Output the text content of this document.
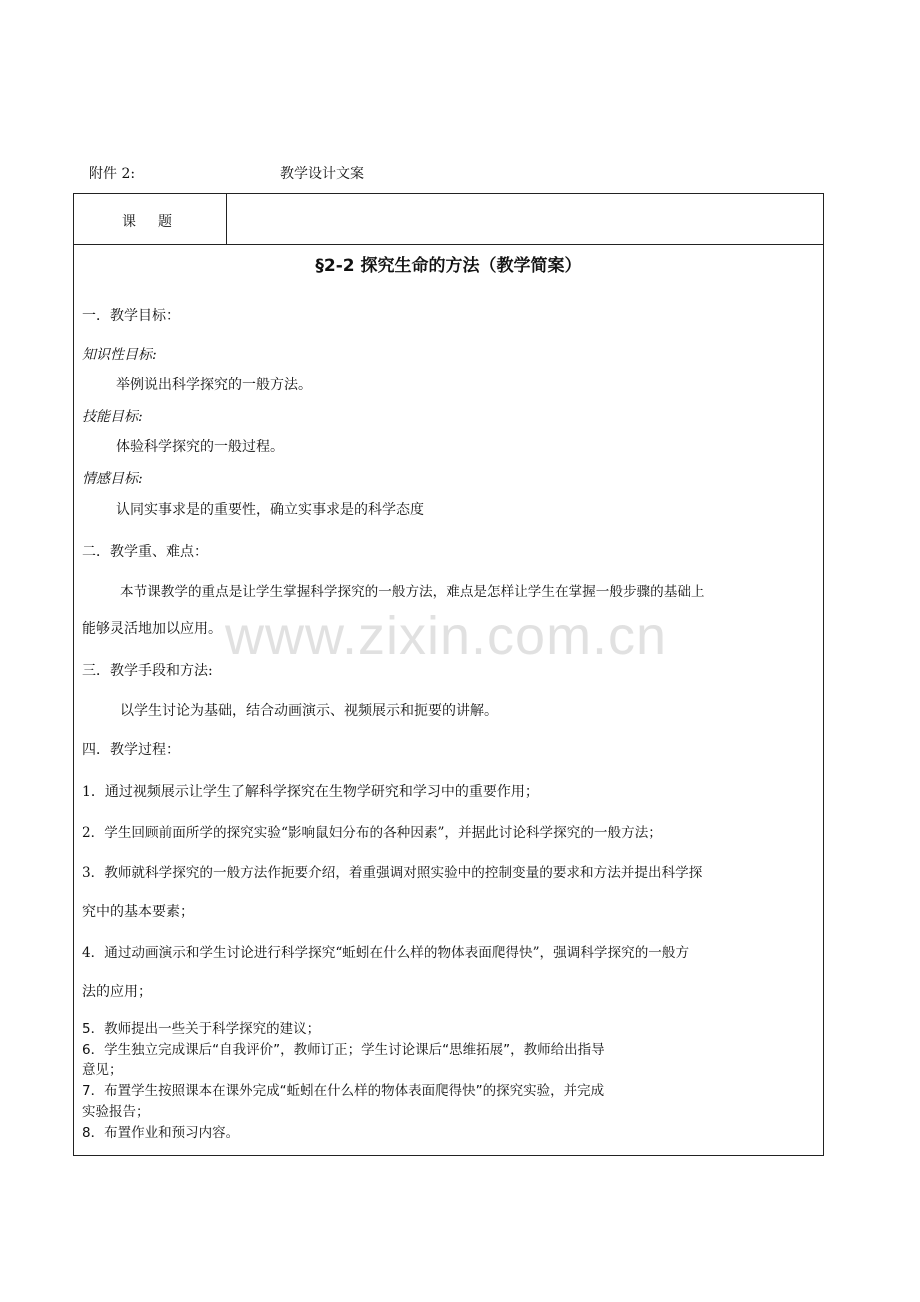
附件 2:	教学设计文案
课题
§2-2 探究生命的方法（教学简案）
一．教学目标：
知识性目标:
举例说出科学探究的一般方法。
技能目标:
体验科学探究的一般过程。
情感目标:
认同实事求是的重要性，确立实事求是的科学态度
二．教学重、难点：
本节课教学的重点是让学生掌握科学探究的一般方法，难点是怎样让学生在掌握一般步骤的基础上
能够灵活地加以应用。
三．教学手段和方法:
以学生讨论为基础，结合动画演示、视频展示和扼要的讲解。
四．教学过程：
1．通过视频展示让学生了解科学探究在生物学研究和学习中的重要作用；
2．学生回顾前面所学的探究实验“影响鼠妇分布的各种因素”，并据此讨论科学探究的一般方法；
3．教师就科学探究的一般方法作扼要介绍，着重强调对照实验中的控制变量的要求和方法并提出科学探
究中的基本要素；
4．通过动画演示和学生讨论进行科学探究“蚯蚓在什么样的物体表面爬得快”，强调科学探究的一般方
法的应用；
5．教师提出一些关于科学探究的建议；
6．学生独立完成课后“自我评价”，教师订正；学生讨论课后“思维拓展”，教师给出指导
意见；
7．布置学生按照课本在课外完成“蚯蚓在什么样的物体表面爬得快”的探究实验，并完成
实验报告；
8．布置作业和预习内容。
www.zixin.com.cn
